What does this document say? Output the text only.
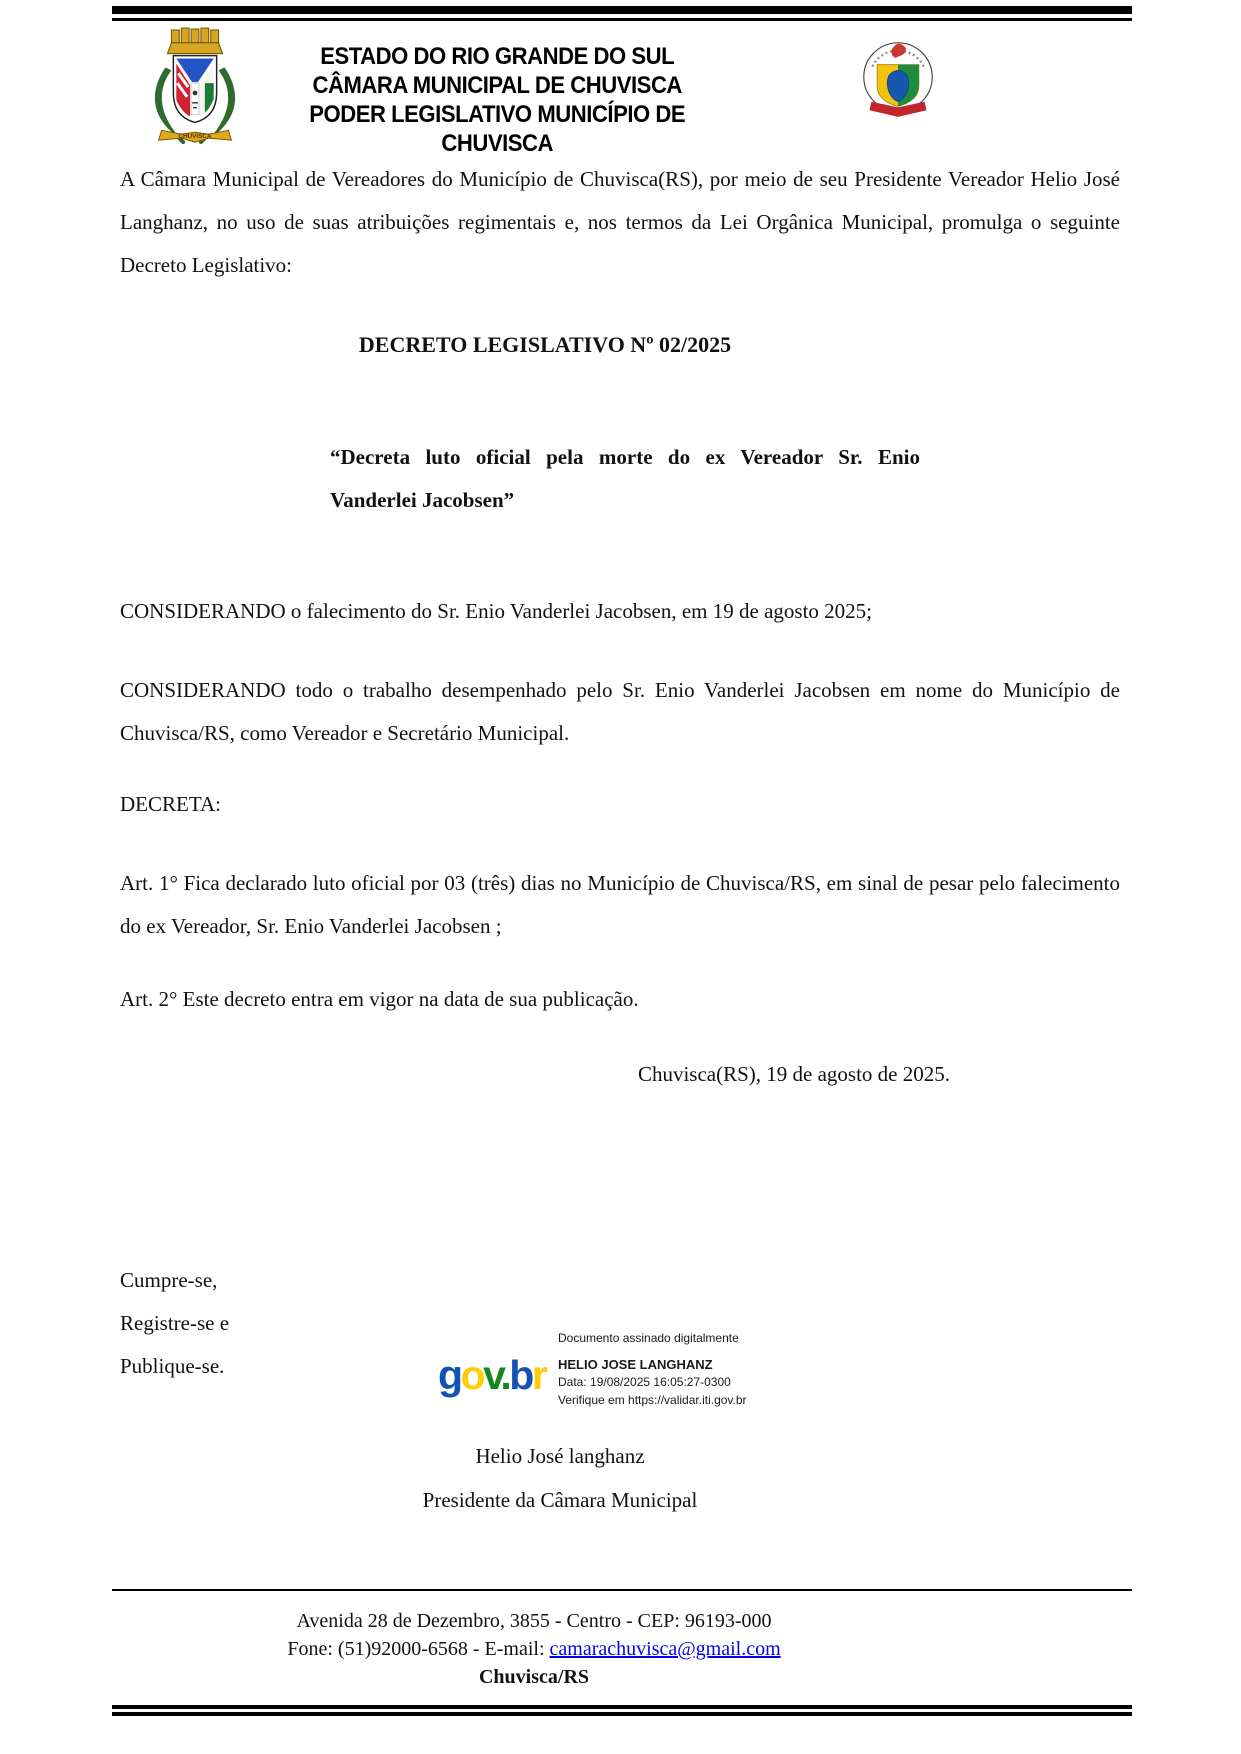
CHUVISCA
ESTADO DO RIO GRANDE DO SUL
CÂMARA MUNICIPAL DE CHUVISCA
PODER LEGISLATIVO MUNICÍPIO DE CHUVISCA

A Câmara Municipal de Vereadores do Município de Chuvisca(RS), por meio de seu Presidente Vereador Helio José Langhanz, no uso de suas atribuições regimentais e, nos termos da Lei Orgânica Municipal, promulga o seguinte Decreto Legislativo:

DECRETO LEGISLATIVO Nº 02/2025
“Decreta luto oficial pela morte do ex Vereador Sr. Enio Vanderlei Jacobsen”

CONSIDERANDO o falecimento do Sr. Enio Vanderlei Jacobsen, em 19 de agosto 2025;

CONSIDERANDO todo o trabalho desempenhado pelo Sr. Enio Vanderlei Jacobsen em nome do Município de Chuvisca/RS, como Vereador e Secretário Municipal.

DECRETA:

Art. 1° Fica declarado luto oficial por 03 (três) dias no Município de Chuvisca/RS, em sinal de pesar pelo falecimento do ex Vereador, Sr. Enio Vanderlei Jacobsen ;

Art. 2° Este decreto entra em vigor na data de sua publicação.

Chuvisca(RS), 19 de agosto de 2025.
Cumpre-se,
Registre-se e
Publique-se.	gov.br
Documento assinado digitalmente
HELIO JOSE LANGHANZ
Data: 19/08/2025 16:05:27-0300
Verifique em https://validar.iti.gov.br
Helio José langhanz
Presidente da Câmara Municipal
Avenida 28 de Dezembro, 3855 - Centro - CEP: 96193-000
Fone: (51)92000-6568 - E-mail: camarachuvisca@gmail.com
Chuvisca/RS
